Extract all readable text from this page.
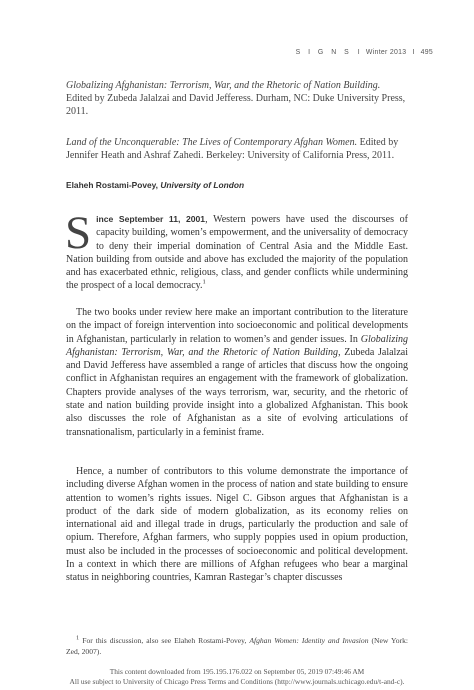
S I G N S I Winter 2013 I 495

Globalizing Afghanistan: Terrorism, War, and the Rhetoric of Nation Building. Edited by Zubeda Jalalzai and David Jefferess. Durham, NC: Duke University Press, 2011.

Land of the Unconquerable: The Lives of Contemporary Afghan Women. Edited by Jennifer Heath and Ashraf Zahedi. Berkeley: University of California Press, 2011.

Elaheh Rostami-Povey, University of London

Since September 11, 2001, Western powers have used the discourses of capacity building, women’s empowerment, and the universality of democracy to deny their imperial domination of Central Asia and the Middle East. Nation building from outside and above has excluded the majority of the population and has exacerbated ethnic, religious, class, and gender conflicts while undermining the prospect of a local democracy.$^1$

The two books under review here make an important contribution to the literature on the impact of foreign intervention into socioeconomic and political developments in Afghanistan, particularly in relation to women’s and gender issues. In Globalizing Afghanistan: Terrorism, War, and the Rhetoric of Nation Building, Zubeda Jalalzai and David Jefferess have assembled a range of articles that discuss how the ongoing conflict in Afghanistan requires an engagement with the framework of globalization. Chapters provide analyses of the ways terrorism, war, security, and the rhetoric of state and nation building provide insight into a globalized Afghanistan. This book also discusses the role of Afghanistan as a site of evolving articulations of transnationalism, particularly in a feminist frame.

Hence, a number of contributors to this volume demonstrate the importance of including diverse Afghan women in the process of nation and state building to ensure attention to women’s rights issues. Nigel C. Gibson argues that Afghanistan is a product of the dark side of modern globalization, as its economy relies on international aid and illegal trade in drugs, particularly the production and sale of opium. Therefore, Afghan farmers, who supply poppies used in opium production, must also be included in the processes of socioeconomic and political development. In a context in which there are millions of Afghan refugees who bear a marginal status in neighboring countries, Kamran Rastegar’s chapter discusses

$^1$ For this discussion, also see Elaheh Rostami-Povey, Afghan Women: Identity and Invasion (New York: Zed, 2007).

This content downloaded from 195.195.176.022 on September 05, 2019 07:49:46 AM
All use subject to University of Chicago Press Terms and Conditions (http://www.journals.uchicago.edu/t-and-c).
